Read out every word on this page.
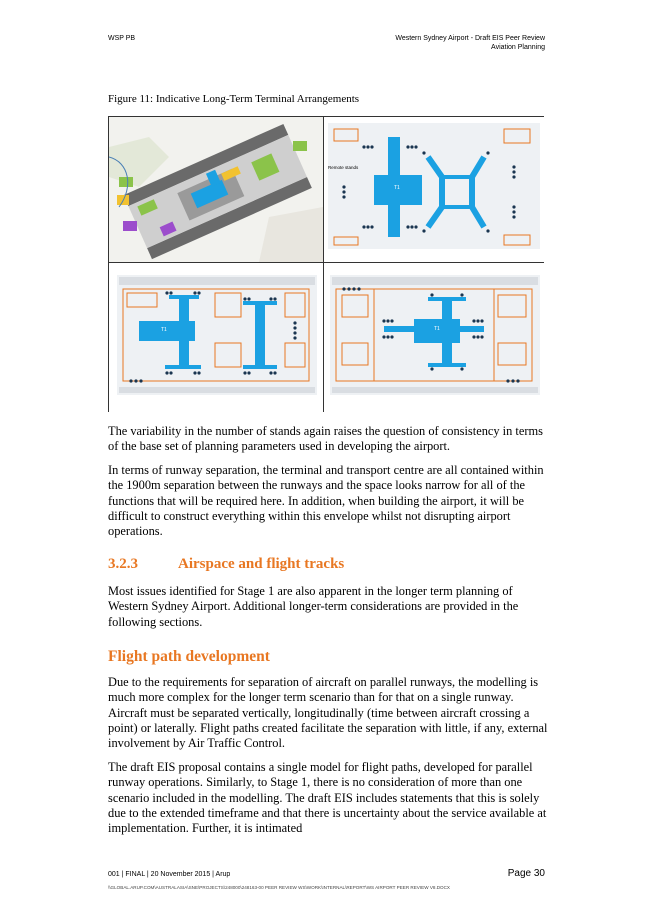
WSP PB	Western Sydney Airport - Draft EIS Peer Review
Aviation Planning
Figure 11: Indicative Long-Term Terminal Arrangements
Remote stands
T1
T1	T1
The variability in the number of stands again raises the question of consistency in terms of the base set of planning parameters used in developing the airport.
In terms of runway separation, the terminal and transport centre are all contained within the 1900m separation between the runways and the space looks narrow for all of the functions that will be required here. In addition, when building the airport, it will be difficult to construct everything within this envelope whilst not disrupting airport operations.
3.2.3	Airspace and flight tracks
Most issues identified for Stage 1 are also apparent in the longer term planning of Western Sydney Airport. Additional longer-term considerations are provided in the following sections.
Flight path development
Due to the requirements for separation of aircraft on parallel runways, the modelling is much more complex for the longer term scenario than for that on a single runway. Aircraft must be separated vertically, longitudinally (time between aircraft crossing a point) or laterally. Flight paths created facilitate the separation with little, if any, external involvement by Air Traffic Control.
The draft EIS proposal contains a single model for flight paths, developed for parallel runway operations. Similarly, to Stage 1, there is no consideration of more than one scenario included in the modelling. The draft EIS includes statements that this is solely due to the extended timeframe and that there is uncertainty about the service available at implementation. Further, it is intimated
001 | FINAL | 20 November 2015 | Arup	Page 30
\\GLOBAL.ARUP.COM\AUSTRALASIA\SNE\PROJECTS\248000\248163-00 PEER REVIEW WS\WORK\INTERNAL\REPORT\WS AIRPORT PEER REVIEW V8.DOCX
